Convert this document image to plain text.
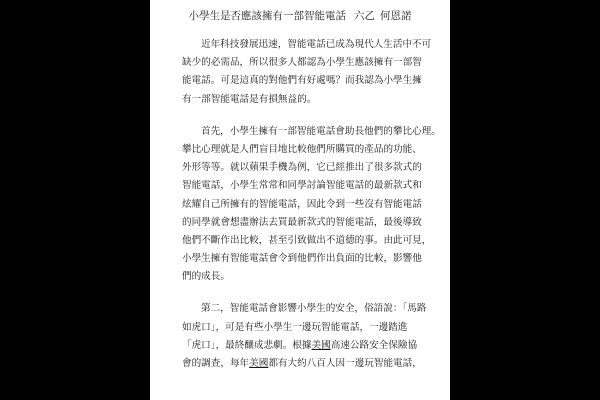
小學生是否應該擁有一部智能電話 六乙 何恩諾
近年科技發展迅速，智能電話已成為現代人生活中不可
缺少的必需品，所以很多人都認為小學生應該擁有一部智
能電話。可是這真的對他們有好處嗎？而我認為小學生擁
有一部智能電話是有損無益的。
首先，小學生擁有一部智能電話會助長他們的攀比心理。
攀比心理就是人們盲目地比較他們所購買的產品的功能、
外形等等。就以蘋果手機為例，它已經推出了很多款式的
智能電話，小學生常常和同學討論智能電話的最新款式和
炫耀自己所擁有的智能電話，因此令到一些沒有智能電話
的同學就會想盡辦法去買最新款式的智能電話，最後導致
他們不斷作出比較，甚至引致做出不道德的事。由此可見，
小學生擁有智能電話會令到他們作出負面的比較，影響他
們的成長。
第二，智能電話會影響小學生的安全，俗語說：「馬路
如虎口」，可是有些小學生一邊玩智能電話，一邊踏進
「虎口」，最終釀成悲劇。根據美國高速公路安全保險協
會的調查，每年美國都有大約八百人因一邊玩智能電話，
